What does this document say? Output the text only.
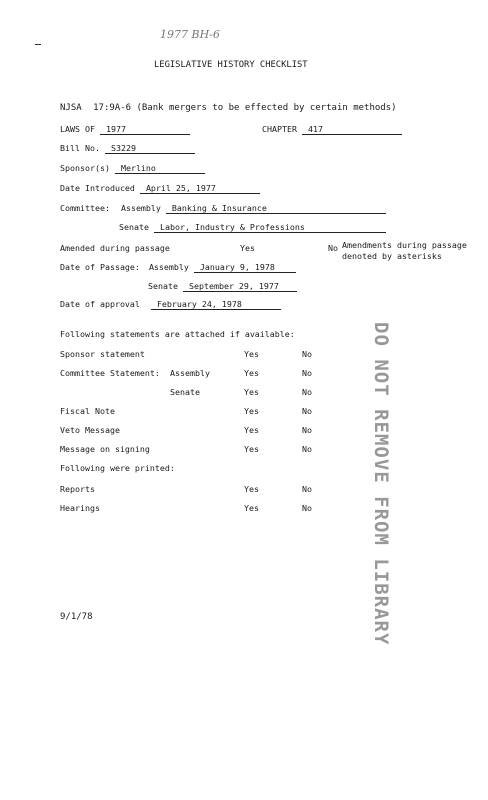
1977 BH-6
LEGISLATIVE HISTORY CHECKLIST
NJSA 17:9A-6 (Bank mergers to be effected by certain methods)
LAWS OF 1977	CHAPTER 417
Bill No. S3229
Sponsor(s) Merlino
Date Introduced April 25, 1977
Committee: Assembly Banking & Insurance
Senate Labor, Industry & Professions
Amended during passage	Yes	No Amendments during passage
denoted by asterisks
Date of Passage: Assembly January 9, 1978
Senate September 29, 1977
Date of approval February 24, 1978
Following statements are attached if available:
Sponsor statement	Yes	No
Committee Statement: Assembly	Yes	No
Senate	Yes	No
Fiscal Note	Yes	No
Veto Message	Yes	No
Message on signing	Yes	No
Following were printed:
Reports	Yes	No
Hearings	Yes	No	DO NOT REMOVE FROM LIBRARY
9/1/78
